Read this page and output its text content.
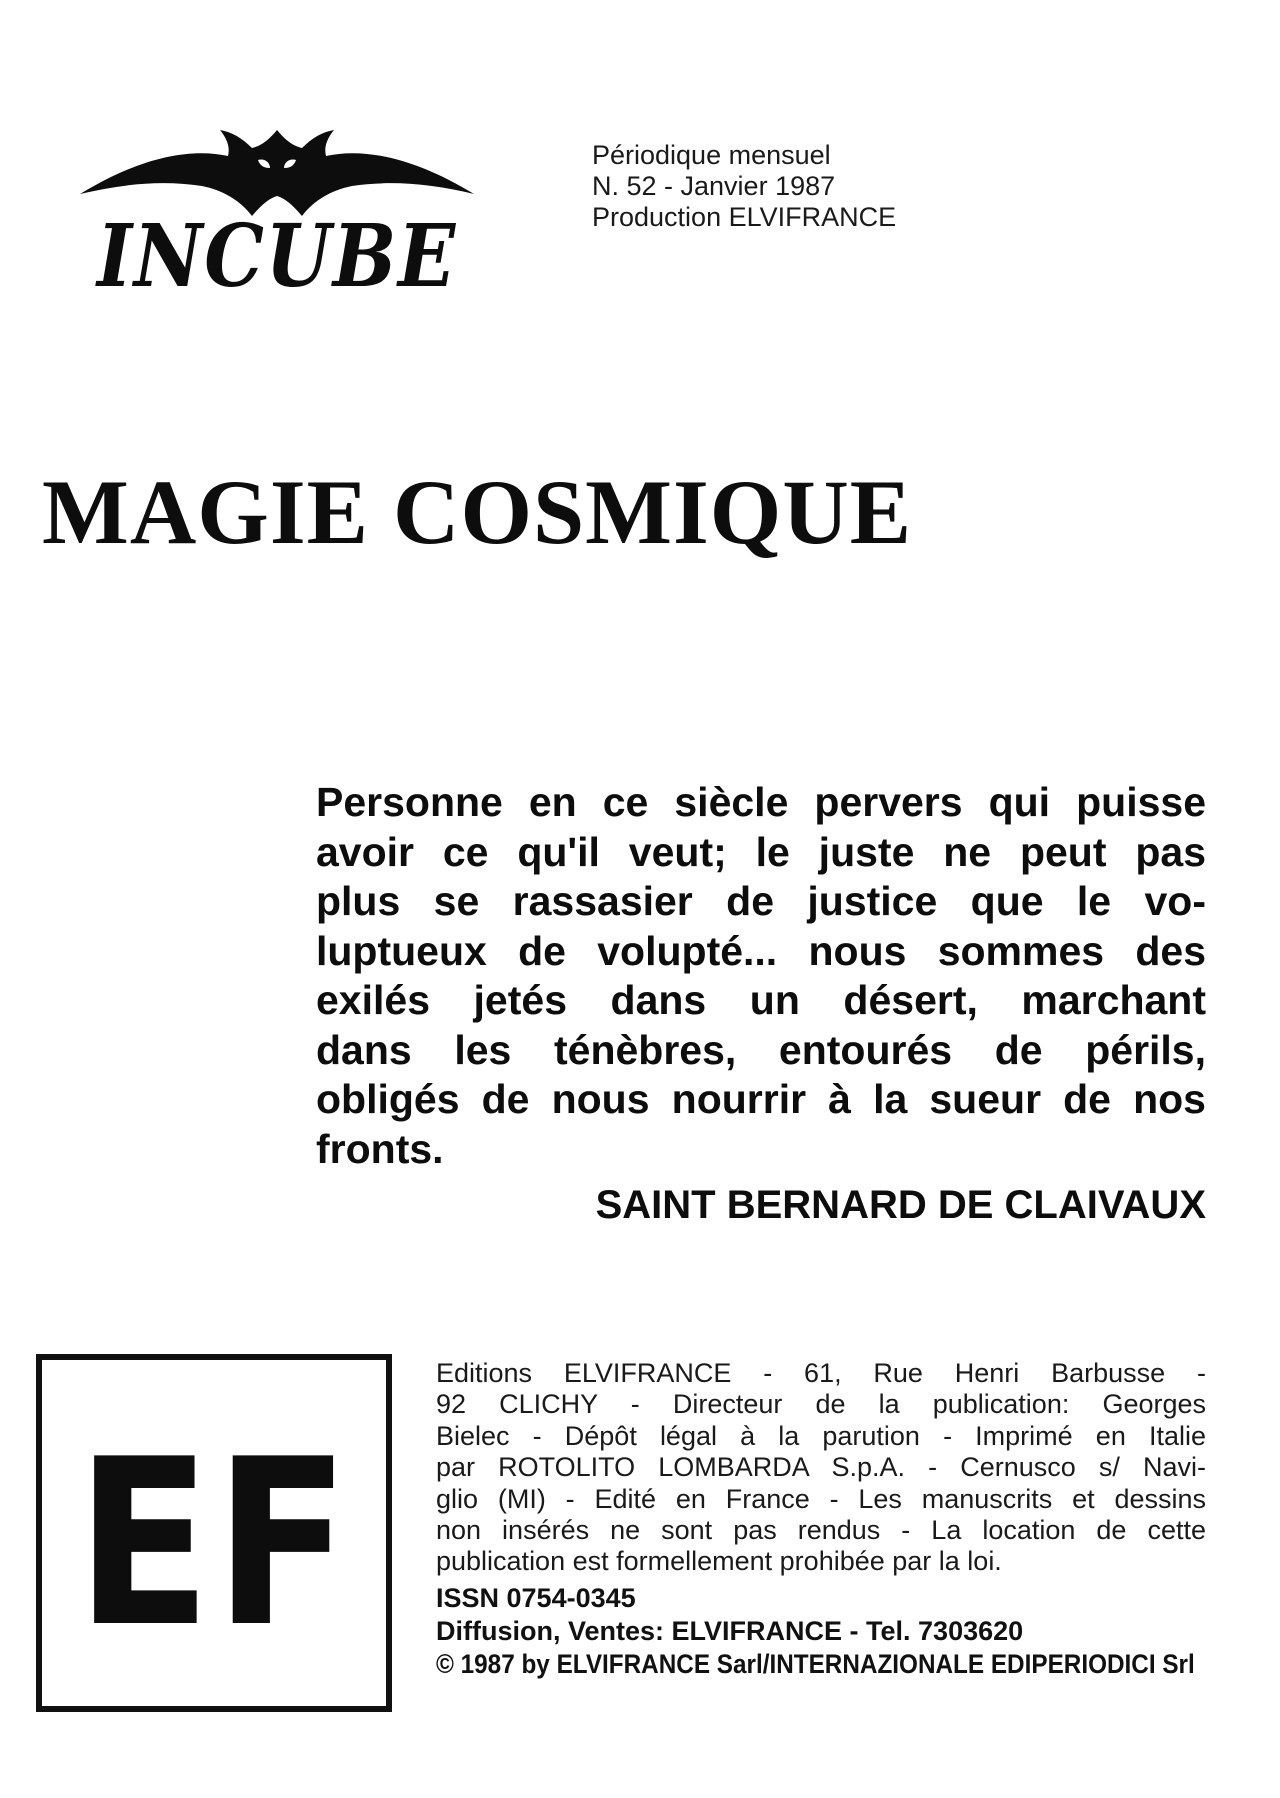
INCUBE
Périodique mensuel
N. 52 - Janvier 1987
Production ELVIFRANCE
MAGIE COSMIQUE
Personne en ce siècle pervers qui puisse
avoir ce qu'il veut; le juste ne peut pas
plus se rassasier de justice que le vo-
luptueux de volupté... nous sommes des
exilés jetés dans un désert, marchant
dans les ténèbres, entourés de périls,
obligés de nous nourrir à la sueur de nos
fronts.
SAINT BERNARD DE CLAIVAUX
EF
Editions ELVIFRANCE - 61, Rue Henri Barbusse -
92 CLICHY - Directeur de la publication: Georges
Bielec - Dépôt légal à la parution - Imprimé en Italie
par ROTOLITO LOMBARDA S.p.A. - Cernusco s/ Navi-
glio (MI) - Edité en France - Les manuscrits et dessins
non insérés ne sont pas rendus - La location de cette
publication est formellement prohibée par la loi.
ISSN 0754-0345
Diffusion, Ventes: ELVIFRANCE - Tel. 7303620
© 1987 by ELVIFRANCE Sarl/INTERNAZIONALE EDIPERIODICI Srl
